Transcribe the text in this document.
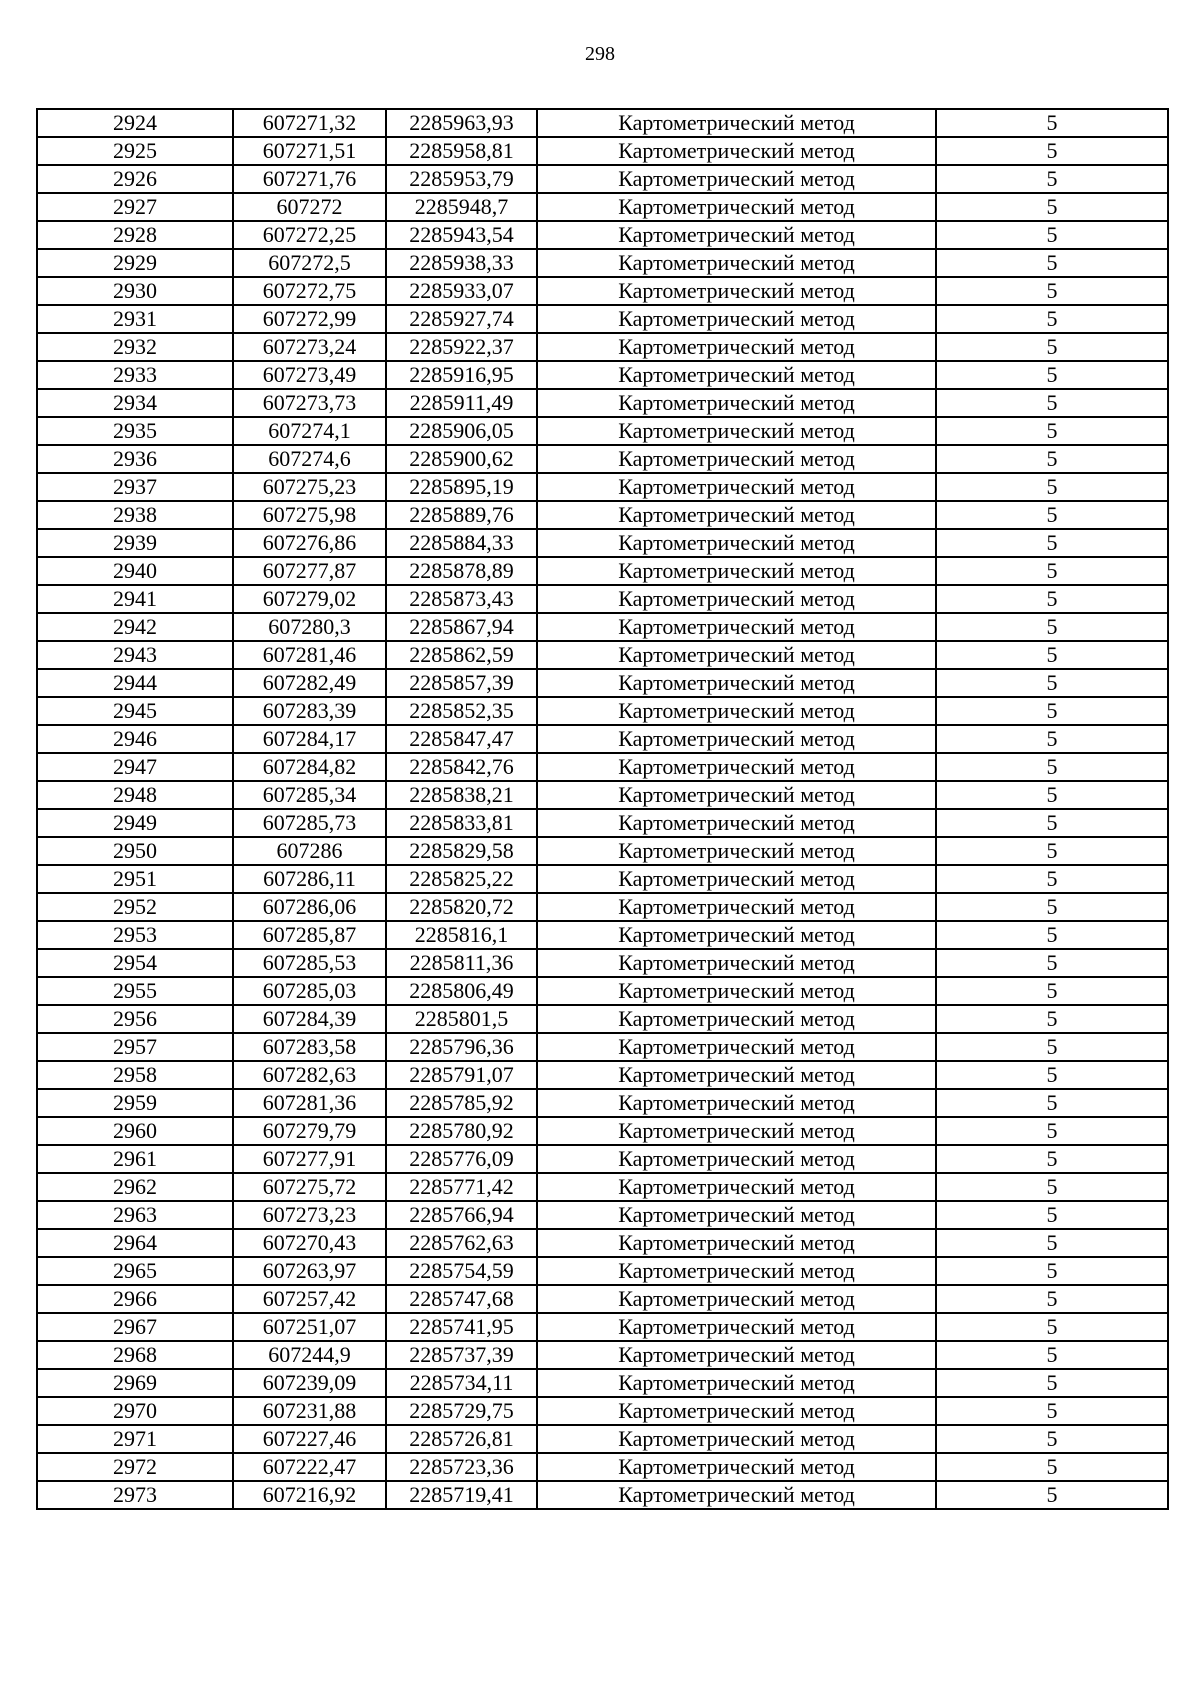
298
2924	607271,32	2285963,93	Картометрический метод	5
2925	607271,51	2285958,81	Картометрический метод	5
2926	607271,76	2285953,79	Картометрический метод	5
2927	607272	2285948,7	Картометрический метод	5
2928	607272,25	2285943,54	Картометрический метод	5
2929	607272,5	2285938,33	Картометрический метод	5
2930	607272,75	2285933,07	Картометрический метод	5
2931	607272,99	2285927,74	Картометрический метод	5
2932	607273,24	2285922,37	Картометрический метод	5
2933	607273,49	2285916,95	Картометрический метод	5
2934	607273,73	2285911,49	Картометрический метод	5
2935	607274,1	2285906,05	Картометрический метод	5
2936	607274,6	2285900,62	Картометрический метод	5
2937	607275,23	2285895,19	Картометрический метод	5
2938	607275,98	2285889,76	Картометрический метод	5
2939	607276,86	2285884,33	Картометрический метод	5
2940	607277,87	2285878,89	Картометрический метод	5
2941	607279,02	2285873,43	Картометрический метод	5
2942	607280,3	2285867,94	Картометрический метод	5
2943	607281,46	2285862,59	Картометрический метод	5
2944	607282,49	2285857,39	Картометрический метод	5
2945	607283,39	2285852,35	Картометрический метод	5
2946	607284,17	2285847,47	Картометрический метод	5
2947	607284,82	2285842,76	Картометрический метод	5
2948	607285,34	2285838,21	Картометрический метод	5
2949	607285,73	2285833,81	Картометрический метод	5
2950	607286	2285829,58	Картометрический метод	5
2951	607286,11	2285825,22	Картометрический метод	5
2952	607286,06	2285820,72	Картометрический метод	5
2953	607285,87	2285816,1	Картометрический метод	5
2954	607285,53	2285811,36	Картометрический метод	5
2955	607285,03	2285806,49	Картометрический метод	5
2956	607284,39	2285801,5	Картометрический метод	5
2957	607283,58	2285796,36	Картометрический метод	5
2958	607282,63	2285791,07	Картометрический метод	5
2959	607281,36	2285785,92	Картометрический метод	5
2960	607279,79	2285780,92	Картометрический метод	5
2961	607277,91	2285776,09	Картометрический метод	5
2962	607275,72	2285771,42	Картометрический метод	5
2963	607273,23	2285766,94	Картометрический метод	5
2964	607270,43	2285762,63	Картометрический метод	5
2965	607263,97	2285754,59	Картометрический метод	5
2966	607257,42	2285747,68	Картометрический метод	5
2967	607251,07	2285741,95	Картометрический метод	5
2968	607244,9	2285737,39	Картометрический метод	5
2969	607239,09	2285734,11	Картометрический метод	5
2970	607231,88	2285729,75	Картометрический метод	5
2971	607227,46	2285726,81	Картометрический метод	5
2972	607222,47	2285723,36	Картометрический метод	5
2973	607216,92	2285719,41	Картометрический метод	5
